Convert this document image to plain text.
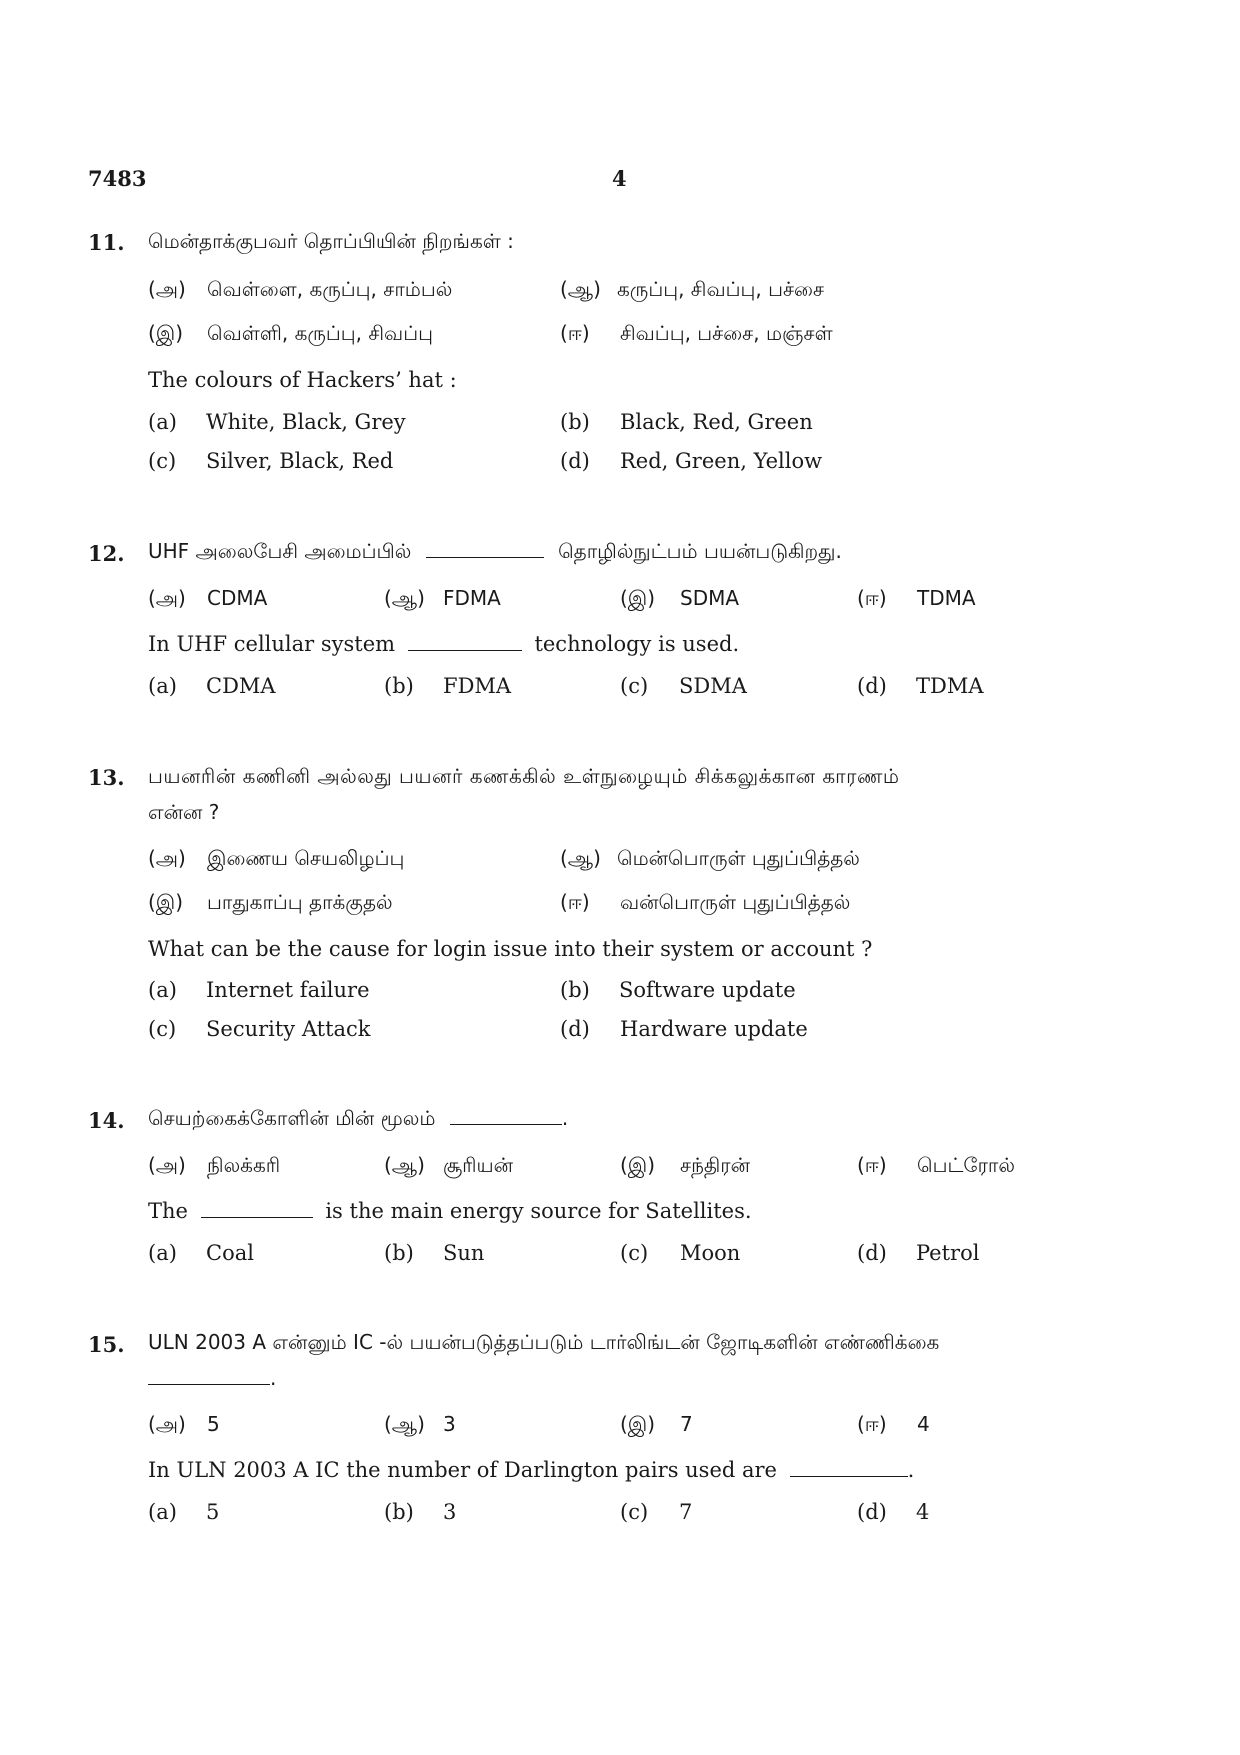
7483	4
11. மென்தாக்குபவர் தொப்பியின் நிறங்கள் :
(அ) வெள்ளை, கருப்பு, சாம்பல்	(ஆ) கருப்பு, சிவப்பு, பச்சை
(இ) வெள்ளி, கருப்பு, சிவப்பு	(ஈ) சிவப்பு, பச்சை, மஞ்சள்
The colours of Hackers’ hat :
(a) White, Black, Grey	(b) Black, Red, Green
(c) Silver, Black, Red	(d) Red, Green, Yellow
12. UHF அலைபேசி அமைப்பில்	தொழில்நுட்பம் பயன்படுகிறது.
(அ) CDMA	(ஆ) FDMA	(இ) SDMA	(ஈ) TDMA
In UHF cellular system	technology is used.
(a) CDMA	(b) FDMA	(c) SDMA	(d) TDMA
13. பயனரின் கணினி அல்லது பயனர் கணக்கில் உள்நுழையும் சிக்கலுக்கான காரணம்
என்ன ?
(அ) இணைய செயலிழப்பு	(ஆ) மென்பொருள் புதுப்பித்தல்
(இ) பாதுகாப்பு தாக்குதல்	(ஈ) வன்பொருள் புதுப்பித்தல்
What can be the cause for login issue into their system or account ?
(a) Internet failure	(b) Software update
(c) Security Attack	(d) Hardware update
14. செயற்கைக்கோளின் மின் மூலம்	.
(அ) நிலக்கரி	(ஆ) சூரியன்	(இ) சந்திரன்	(ஈ) பெட்ரோல்
The	is the main energy source for Satellites.
(a) Coal	(b) Sun	(c) Moon	(d) Petrol
15. ULN 2003 A என்னும் IC -ல் பயன்படுத்தப்படும் டார்லிங்டன் ஜோடிகளின் எண்ணிக்கை
.
(அ) 5	(ஆ) 3	(இ) 7	(ஈ) 4
In ULN 2003 A IC the number of Darlington pairs used are	.
(a) 5	(b) 3	(c) 7	(d) 4
